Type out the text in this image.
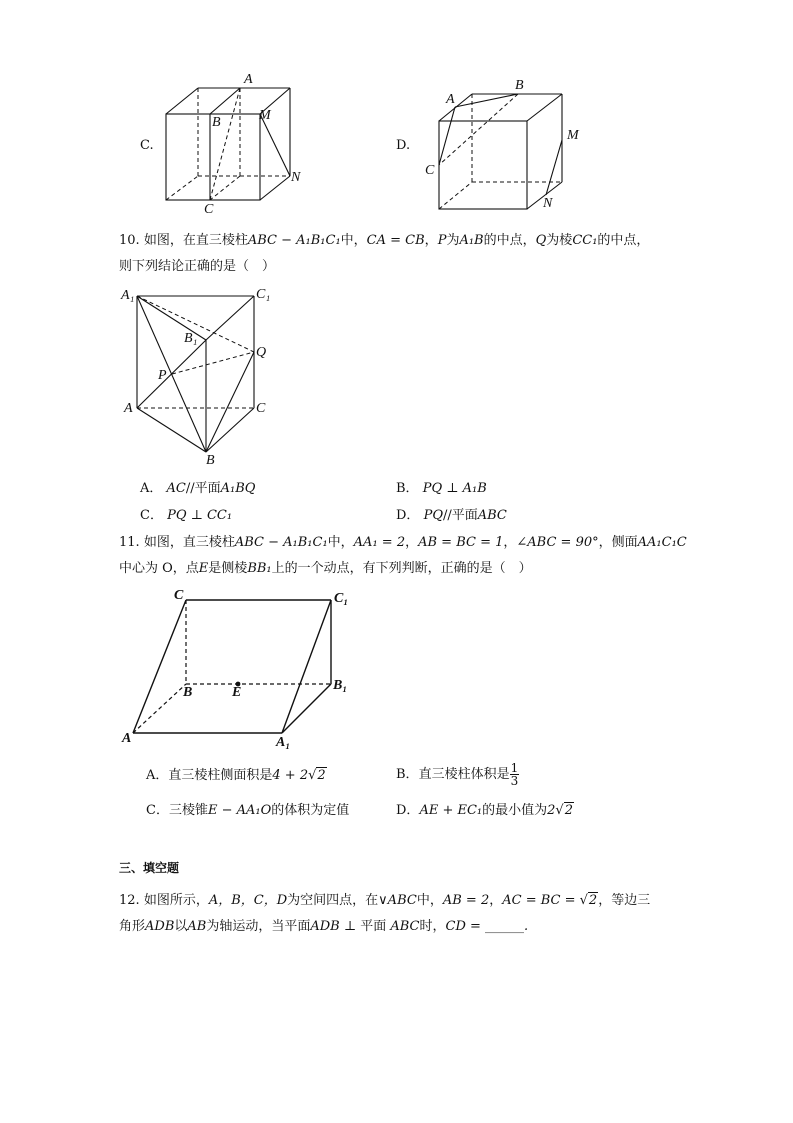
C.
A
B	M
N
C
D.
A
B
M
N
C
10. 如图，在直三棱柱ABC − A₁B₁C₁中，CA = CB，P为A₁B的中点，Q为棱CC₁的中点，
则下列结论正确的是（　）
A₁	C₁
B₁
Q
P
A	C
B
A． AC//平面A₁BQ	B． PQ ⊥ A₁B
C． PQ ⊥ CC₁	D． PQ//平面ABC
11. 如图，直三棱柱ABC − A₁B₁C₁中，AA₁ = 2，AB = BC = 1，∠ABC = 90°，侧面AA₁C₁C
中心为 O，点E是侧棱BB₁上的一个动点，有下列判断，正确的是（　）
C	C₁
B	E	B₁
A	A₁
A．直三棱柱侧面积是4 + 2√2	B．直三棱柱体积是 $\frac{1}{3}$
C．三棱锥E − AA₁O的体积为定值	D．AE + EC₁的最小值为2√2
三、填空题
12. 如图所示，A，B，C，D为空间四点，在∨ABC中，AB = 2，AC = BC = √2，等边三
角形ADB以AB为轴运动，当平面ADB ⊥ 平面 ABC时，CD = ______.
